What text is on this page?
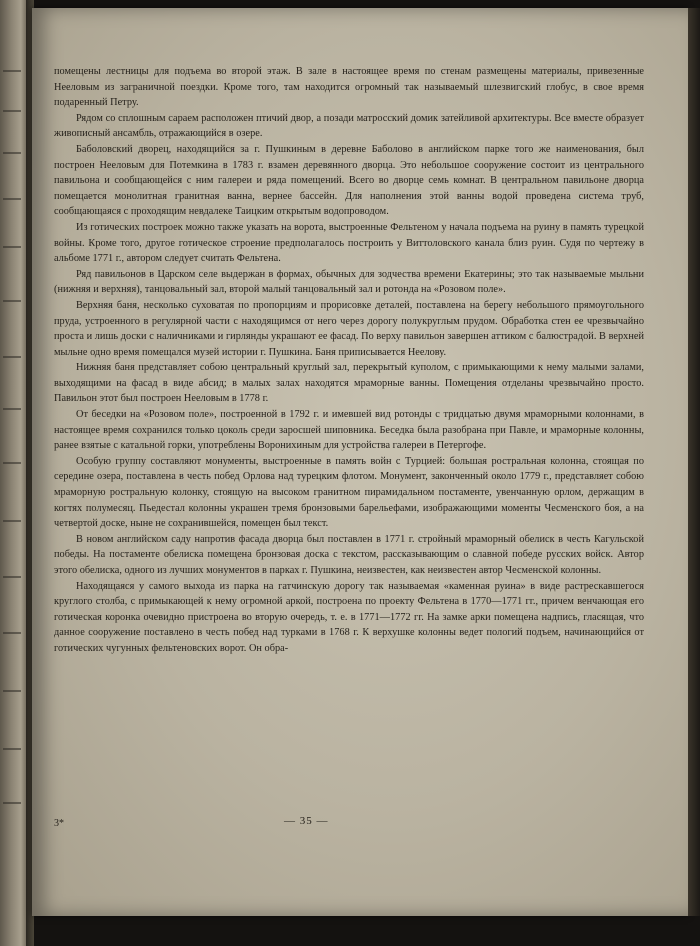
помещены лестницы для подъема во второй этаж. В зале в настоящее время по стенам размещены материалы, привезенные Нееловым из заграничной поездки. Кроме того, там находится огромный так называемый шлезвигский глобус, в свое время подаренный Петру.

Рядом со сплошным сараем расположен птичий двор, а позади матросский домик затейливой архитектуры. Все вместе образует живописный ансамбль, отражающийся в озере.

Баболовский дворец, находящийся за г. Пушкиным в деревне Баболово в английском парке того же наименования, был построен Нееловым для Потемкина в 1783 г. взамен деревянного дворца. Это небольшое сооружение состоит из центрального павильона и сообщающейся с ним галереи и ряда помещений. Всего во дворце семь комнат. В центральном павильоне дворца помещается монолитная гранитная ванна, вернее бассейн. Для наполнения этой ванны водой проведена система труб, сообщающаяся с проходящим невдалеке Таицким открытым водопроводом.

Из готических построек можно также указать на ворота, выстроенные Фельтеном у начала подъема на руину в память турецкой войны. Кроме того, другое готическое строение предполагалось построить у Виттоловского канала близ руин. Судя по чертежу в альбоме 1771 г., автором следует считать Фельтена.

Ряд павильонов в Царском селе выдержан в формах, обычных для зодчества времени Екатерины; это так называемые мыльни (нижняя и верхняя), танцовальный зал, второй малый танцовальный зал и ротонда на «Розовом поле».

Верхняя баня, несколько суховатая по пропорциям и прорисовке деталей, поставлена на берегу небольшого прямоугольного пруда, устроенного в регулярной части с находящимся от него через дорогу полукруглым прудом. Обработка стен ее чрезвычайно проста и лишь доски с наличниками и гирлянды украшают ее фасад. По верху павильон завершен аттиком с балюстрадой. В верхней мыльне одно время помещался музей истории г. Пушкина. Баня приписывается Неелову.

Нижняя баня представляет собою центральный круглый зал, перекрытый куполом, с примыкающими к нему малыми залами, выходящими на фасад в виде абсид; в малых залах находятся мраморные ванны. Помещения отделаны чрезвычайно просто. Павильон этот был построен Нееловым в 1778 г.

От беседки на «Розовом поле», построенной в 1792 г. и имевшей вид ротонды с тридцатью двумя мраморными колоннами, в настоящее время сохранился только цоколь среди заросшей шиповника. Беседка была разобрана при Павле, и мраморные колонны, ранее взятые с катальной горки, употреблены Воронихиным для устройства галереи в Петергофе.

Особую группу составляют монументы, выстроенные в память войн с Турцией: большая ростральная колонна, стоящая по середине озера, поставлена в честь побед Орлова над турецким флотом. Монумент, законченный около 1779 г., представляет собою мраморную ростральную колонку, стоящую на высоком гранитном пирамидальном постаменте, увенчанную орлом, держащим в когтях полумесяц. Пьедестал колонны украшен тремя бронзовыми барельефами, изображающими моменты Чесменского боя, а на четвертой доске, ныне не сохранившейся, помещен был текст.

В новом английском саду напротив фасада дворца был поставлен в 1771 г. стройный мраморный обелиск в честь Кагульской победы. На постаменте обелиска помещена бронзовая доска с текстом, рассказывающим о славной победе русских войск. Автор этого обелиска, одного из лучших монументов в парках г. Пушкина, неизвестен, как неизвестен автор Чесменской колонны.

Находящаяся у самого выхода из парка на гатчинскую дорогу так называемая «каменная руина» в виде растрескавшегося круглого столба, с примыкающей к нему огромной аркой, построена по проекту Фельтена в 1770—1771 гг., причем венчающая его готическая коронка очевидно пристроена во вторую очередь, т. е. в 1771—1772 гг. На замке арки помещена надпись, гласящая, что данное сооружение поставлено в честь побед над турками в 1768 г. К верхушке колонны ведет пологий подъем, начинающийся от готических чугунных фельтеновских ворот. Он обра-

3*	— 35 —
